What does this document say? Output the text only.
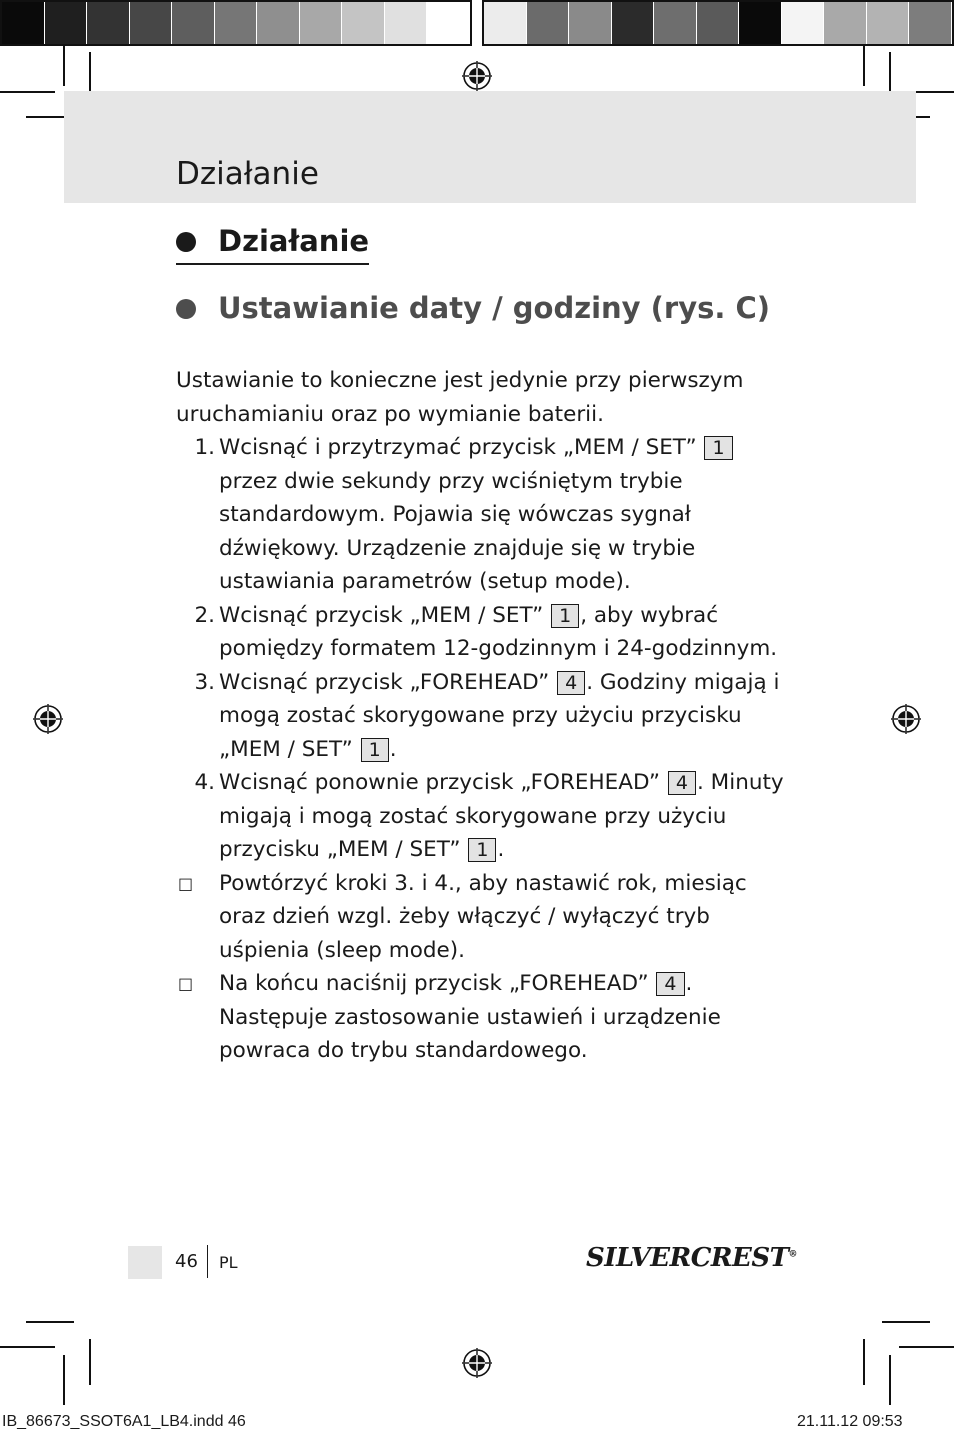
Działanie
Działanie
Ustawianie daty / godziny (rys. C)

Ustawianie to konieczne jest jedynie przy pierwszym uruchamianiu oraz po wymianie baterii.

1. Wcisnąć i przytrzymać przycisk „MEM / SET” 1 przez dwie sekundy przy wciśniętym trybie standardowym. Pojawia się wówczas sygnał dźwiękowy. Urządzenie znajduje się w trybie ustawiania parametrów (setup mode).
2. Wcisnąć przycisk „MEM / SET” 1 , aby wybrać pomiędzy formatem 12-godzinnym i 24-godzinnym.
3. Wcisnąć przycisk „FOREHEAD” 4 . Godziny migają i mogą zostać skorygowane przy użyciu przycisku „MEM / SET” 1 .
4. Wcisnąć ponownie przycisk „FOREHEAD” 4 . Minuty migają i mogą zostać skorygowane przy użyciu przycisku „MEM / SET” 1 .
□	Powtórzyć kroki 3. i 4., aby nastawić rok, miesiąc oraz dzień wzgl. żeby włączyć / wyłączyć tryb uśpienia (sleep mode).
□	Na końcu naciśnij przycisk „FOREHEAD” 4 . Następuje zastosowanie ustawień i urządzenie powraca do trybu standardowego.
46 PL	SILVERCREST®
IB_86673_SSOT6A1_LB4.indd 46	21.11.12 09:53
